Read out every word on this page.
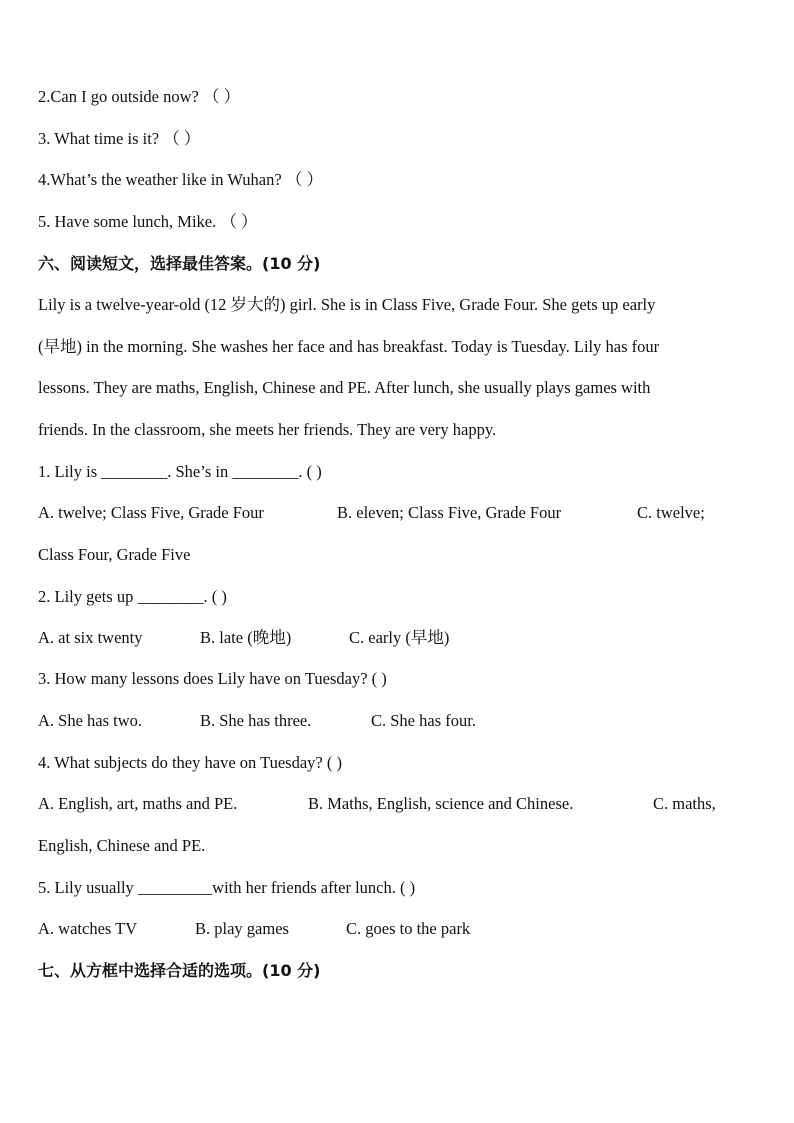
2.Can I go outside now? （ ）
3. What time is it? （ ）
4.What’s the weather like in Wuhan? （ ）
5. Have some lunch, Mike. （ ）
六、阅读短文，选择最佳答案。(10 分)
Lily is a twelve-year-old (12 岁大的) girl. She is in Class Five, Grade Four. She gets up early
(早地) in the morning. She washes her face and has breakfast. Today is Tuesday. Lily has four
lessons. They are maths, English, Chinese and PE. After lunch, she usually plays games with
friends. In the classroom, she meets her friends. They are very happy.
1. Lily is ________. She’s in ________. ( )
A. twelve; Class Five, Grade Four	B. eleven; Class Five, Grade Four	C. twelve;
Class Four, Grade Five
2. Lily gets up ________. ( )
A. at six twenty	B. late (晚地)	C. early (早地)
3. How many lessons does Lily have on Tuesday? ( )
A. She has two.	B. She has three.	C. She has four.
4. What subjects do they have on Tuesday? ( )
A. English, art, maths and PE.	B. Maths, English, science and Chinese.	C. maths,
English, Chinese and PE.
5. Lily usually _________with her friends after lunch. ( )
A. watches TV	B. play games	C. goes to the park
七、从方框中选择合适的选项。(10 分)
